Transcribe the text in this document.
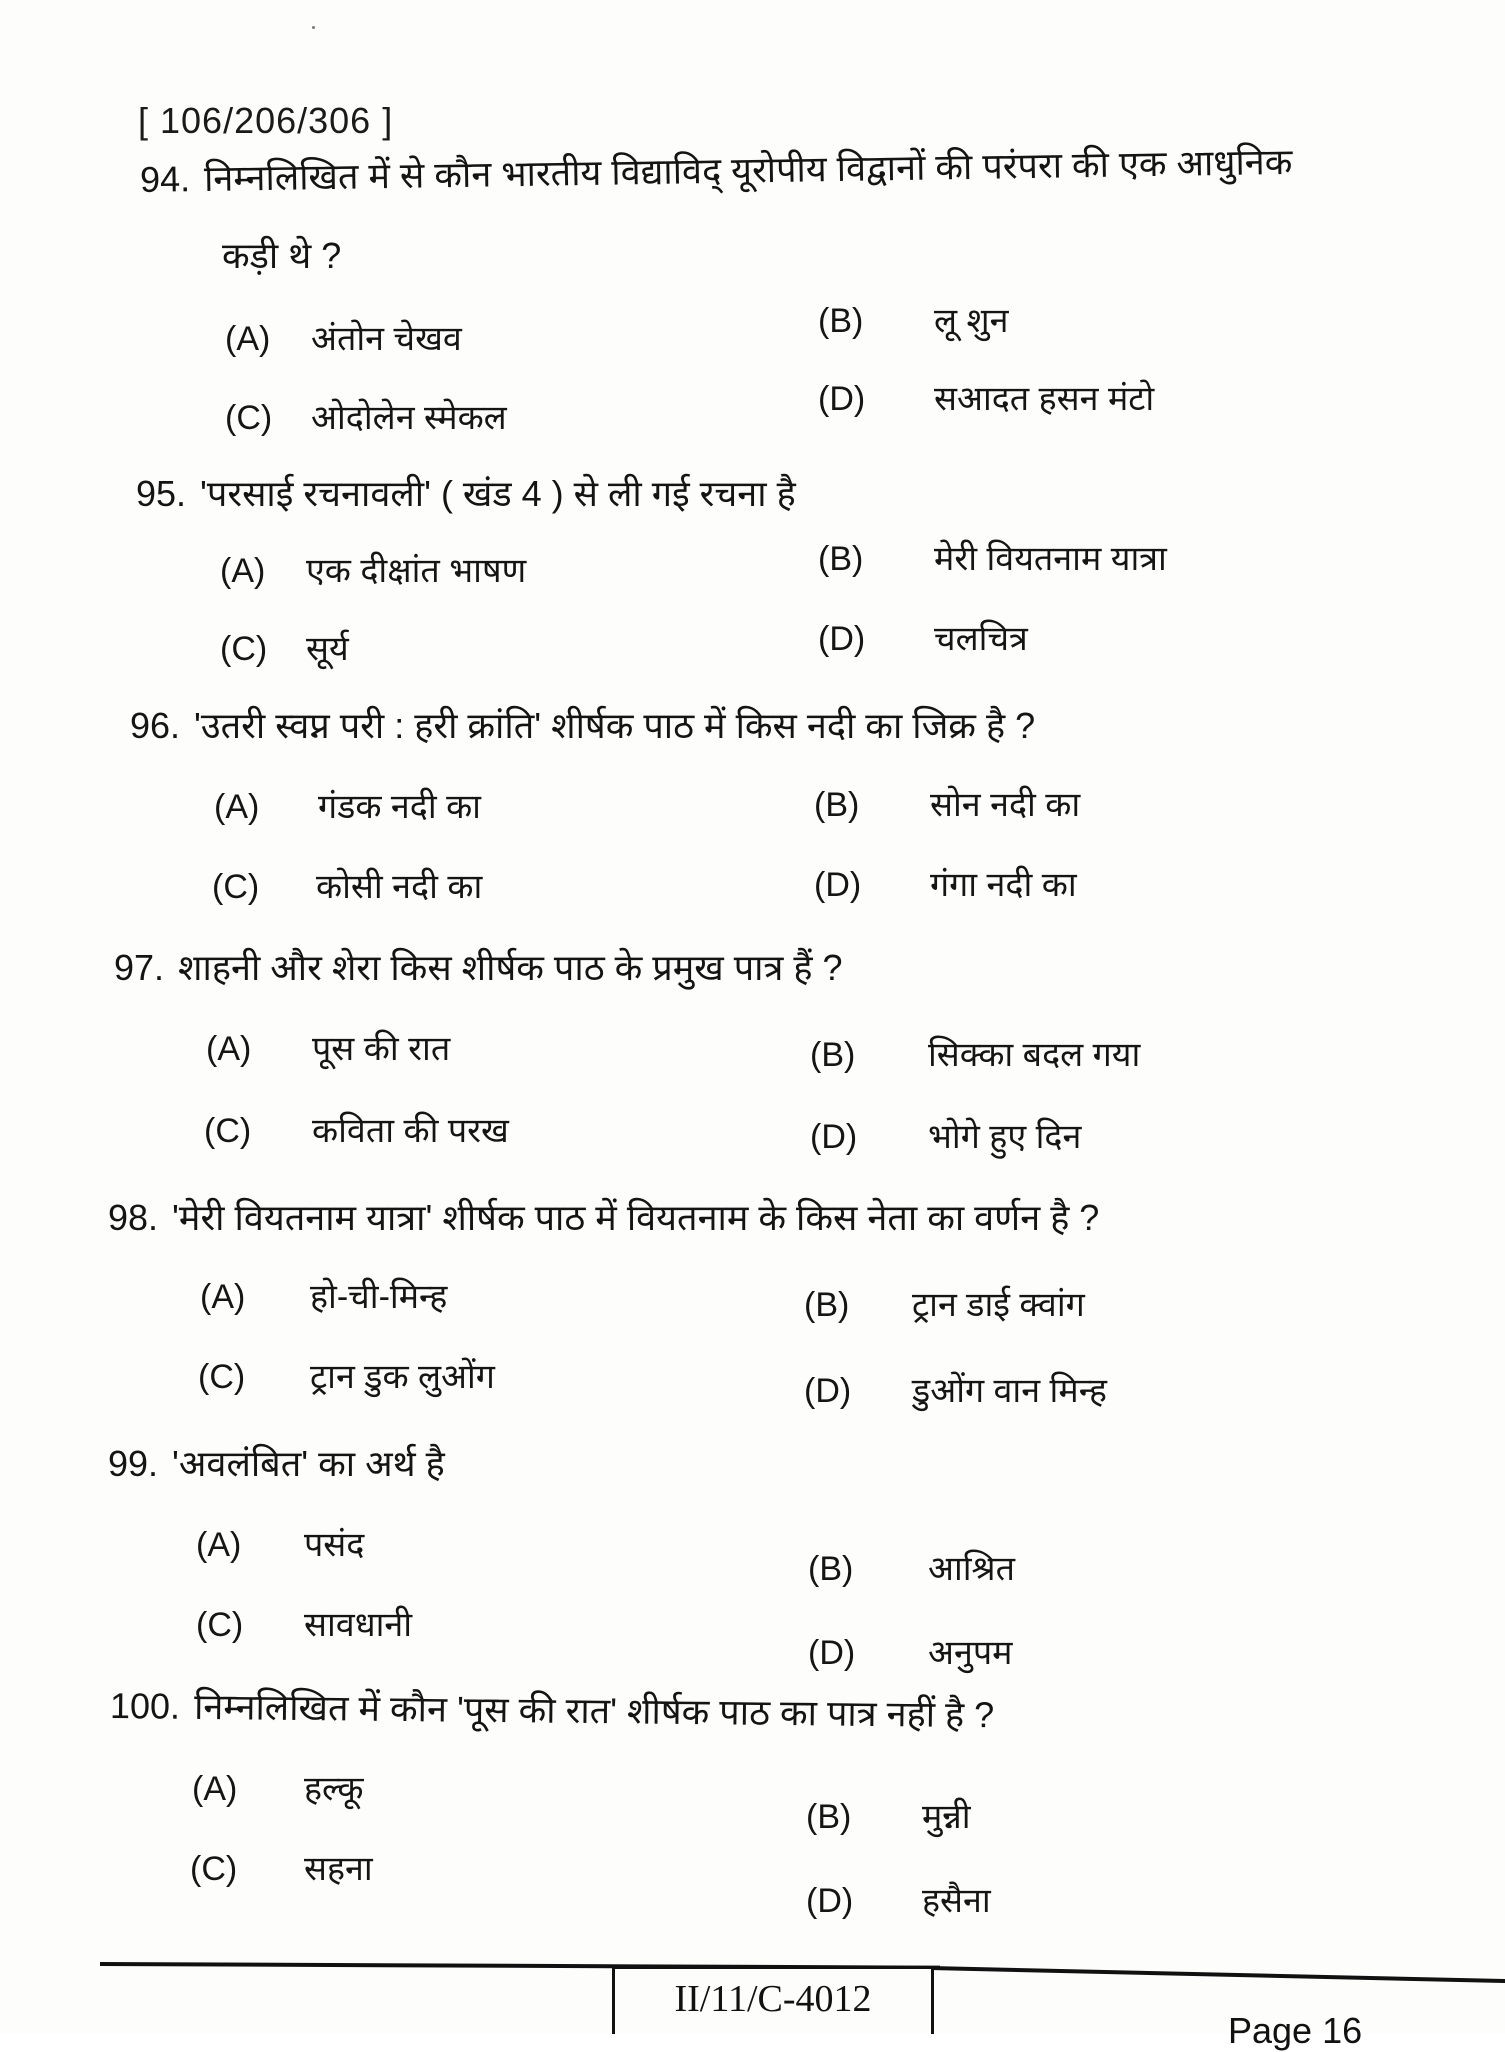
[ 106/206/306 ]
94. निम्नलिखित में से कौन भारतीय विद्याविद् यूरोपीय विद्वानों की परंपरा की एक आधुनिक
कड़ी थे ?
(A) अंतोन चेखव	(B) लू शुन
(C) ओदोलेन स्मेकल	(D) सआदत हसन मंटो
95. 'परसाई रचनावली' ( खंड 4 ) से ली गई रचना है
(A) एक दीक्षांत भाषण	(B) मेरी वियतनाम यात्रा
(C) सूर्य	(D) चलचित्र
96. 'उतरी स्वप्न परी : हरी क्रांति' शीर्षक पाठ में किस नदी का जिक्र है ?
(A) गंडक नदी का	(B) सोन नदी का
(C) कोसी नदी का	(D) गंगा नदी का
97. शाहनी और शेरा किस शीर्षक पाठ के प्रमुख पात्र हैं ?
(A) पूस की रात	(B) सिक्का बदल गया
(C) कविता की परख	(D) भोगे हुए दिन
98. 'मेरी वियतनाम यात्रा' शीर्षक पाठ में वियतनाम के किस नेता का वर्णन है ?
(A) हो-ची-मिन्ह	(B) ट्रान डाई क्वांग
(C) ट्रान डुक लुओंग	(D) डुओंग वान मिन्ह
99. 'अवलंबित' का अर्थ है
(A) पसंद
(B) आश्रित
(C) सावधानी
(D) अनुपम
100. निम्नलिखित में कौन 'पूस की रात' शीर्षक पाठ का पात्र नहीं है ?
(A) हल्कू
(B) मुन्नी
(C) सहना
(D) हसैना
II/11/C-4012
Page 16
